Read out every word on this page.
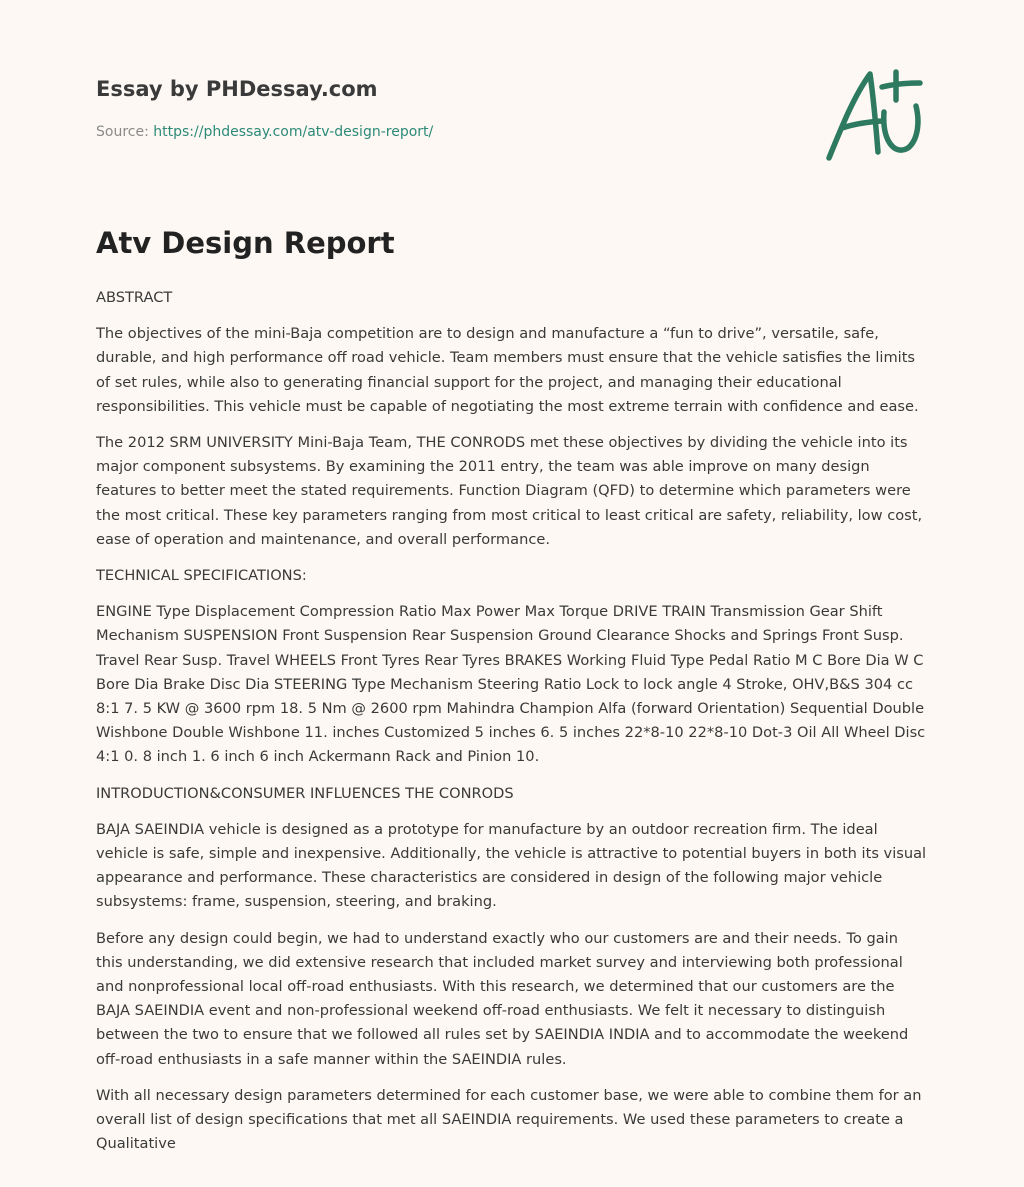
Essay by PHDessay.com
Source: https://phdessay.com/atv-design-report/
Atv Design Report

ABSTRACT

The objectives of the mini-Baja competition are to design and manufacture a “fun to drive”, versatile, safe, durable, and high performance off road vehicle. Team members must ensure that the vehicle satisfies the limits of set rules, while also to generating financial support for the project, and managing their educational responsibilities. This vehicle must be capable of negotiating the most extreme terrain with confidence and ease.

The 2012 SRM UNIVERSITY Mini-Baja Team, THE CONRODS met these objectives by dividing the vehicle into its major component subsystems. By examining the 2011 entry, the team was able improve on many design features to better meet the stated requirements. Function Diagram (QFD) to determine which parameters were the most critical. These key parameters ranging from most critical to least critical are safety, reliability, low cost, ease of operation and maintenance, and overall performance.

TECHNICAL SPECIFICATIONS:

ENGINE Type Displacement Compression Ratio Max Power Max Torque DRIVE TRAIN Transmission Gear Shift Mechanism SUSPENSION Front Suspension Rear Suspension Ground Clearance Shocks and Springs Front Susp. Travel Rear Susp. Travel WHEELS Front Tyres Rear Tyres BRAKES Working Fluid Type Pedal Ratio M C Bore Dia W C Bore Dia Brake Disc Dia STEERING Type Mechanism Steering Ratio Lock to lock angle 4 Stroke, OHV,B&S 304 cc 8:1 7. 5 KW @ 3600 rpm 18. 5 Nm @ 2600 rpm Mahindra Champion Alfa (forward Orientation) Sequential Double Wishbone Double Wishbone 11. inches Customized 5 inches 6. 5 inches 22*8-10 22*8-10 Dot-3 Oil All Wheel Disc 4:1 0. 8 inch 1. 6 inch 6 inch Ackermann Rack and Pinion 10.

INTRODUCTION&CONSUMER INFLUENCES THE CONRODS

BAJA SAEINDIA vehicle is designed as a prototype for manufacture by an outdoor recreation firm. The ideal vehicle is safe, simple and inexpensive. Additionally, the vehicle is attractive to potential buyers in both its visual appearance and performance. These characteristics are considered in design of the following major vehicle subsystems: frame, suspension, steering, and braking.

Before any design could begin, we had to understand exactly who our customers are and their needs. To gain this understanding, we did extensive research that included market survey and interviewing both professional and nonprofessional local off-road enthusiasts. With this research, we determined that our customers are the BAJA SAEINDIA event and non-professional weekend off-road enthusiasts. We felt it necessary to distinguish between the two to ensure that we followed all rules set by SAEINDIA INDIA and to accommodate the weekend off-road enthusiasts in a safe manner within the SAEINDIA rules.

With all necessary design parameters determined for each customer base, we were able to combine them for an overall list of design specifications that met all SAEINDIA requirements. We used these parameters to create a Qualitative
